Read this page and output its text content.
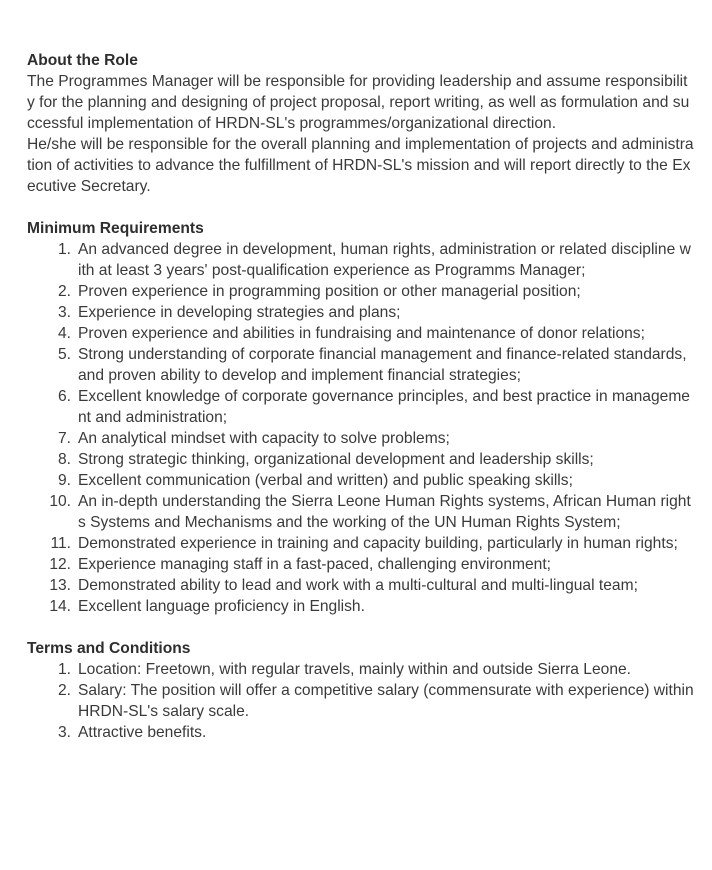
About the Role
The Programmes Manager will be responsible for providing leadership and assume responsibility for the planning and designing of project proposal, report writing, as well as formulation and successful implementation of HRDN-SL's programmes/organizational direction.
He/she will be responsible for the overall planning and implementation of projects and administration of activities to advance the fulfillment of HRDN-SL's mission and will report directly to the Executive Secretary.
Minimum Requirements
1. An advanced degree in development, human rights, administration or related discipline with at least 3 years' post-qualification experience as Programms Manager;
2. Proven experience in programming position or other managerial position;
3. Experience in developing strategies and plans;
4. Proven experience and abilities in fundraising and maintenance of donor relations;
5. Strong understanding of corporate financial management and finance-related standards, and proven ability to develop and implement financial strategies;
6. Excellent knowledge of corporate governance principles, and best practice in management and administration;
7. An analytical mindset with capacity to solve problems;
8. Strong strategic thinking, organizational development and leadership skills;
9. Excellent communication (verbal and written) and public speaking skills;
10. An in-depth understanding the Sierra Leone Human Rights systems, African Human rights Systems and Mechanisms and the working of the UN Human Rights System;
11. Demonstrated experience in training and capacity building, particularly in human rights;
12. Experience managing staff in a fast-paced, challenging environment;
13. Demonstrated ability to lead and work with a multi-cultural and multi-lingual team;
14. Excellent language proficiency in English.
Terms and Conditions
1. Location: Freetown, with regular travels, mainly within and outside Sierra Leone.
2. Salary: The position will offer a competitive salary (commensurate with experience) within HRDN-SL's salary scale.
3. Attractive benefits.
